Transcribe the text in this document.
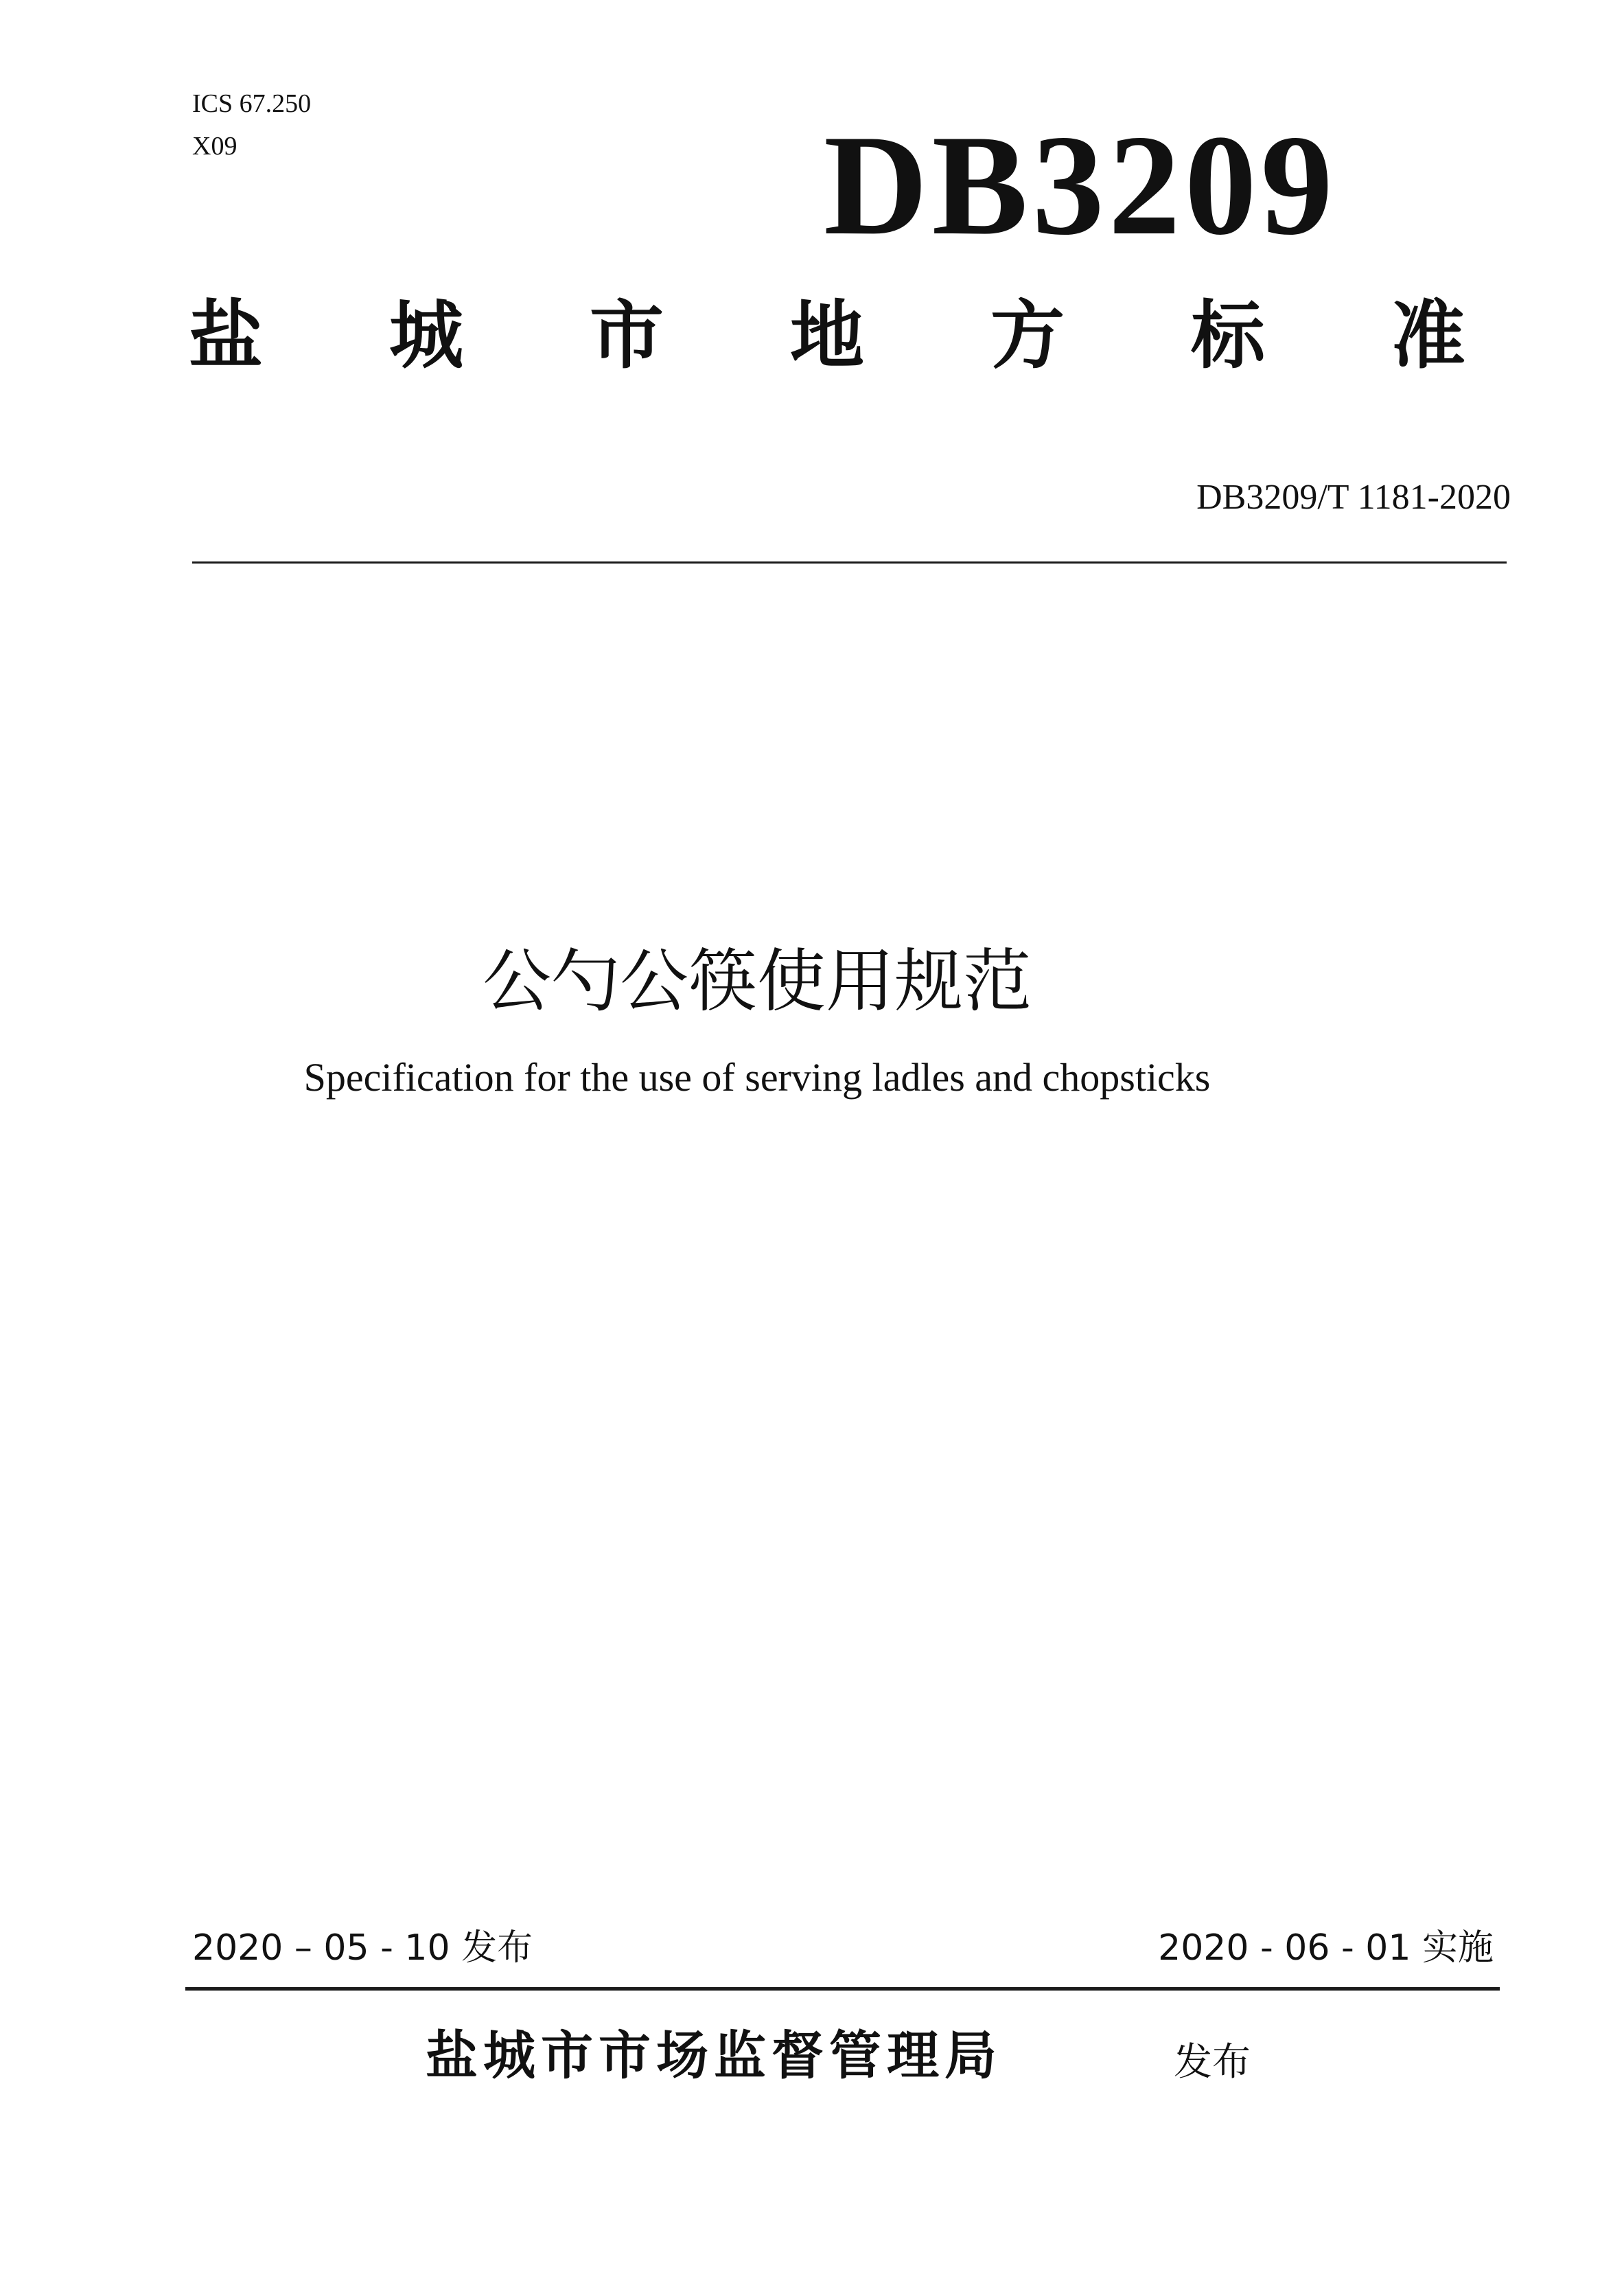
ICS 67.250
X09	DB3209
盐 城 市 地 方 标 准
DB3209/T 1181-2020
公勺公筷使用规范
Specification for the use of serving ladles and chopsticks
2020 – 05 - 10 发布	2020 - 06 - 01 实施
盐城市市场监督管理局	发布
